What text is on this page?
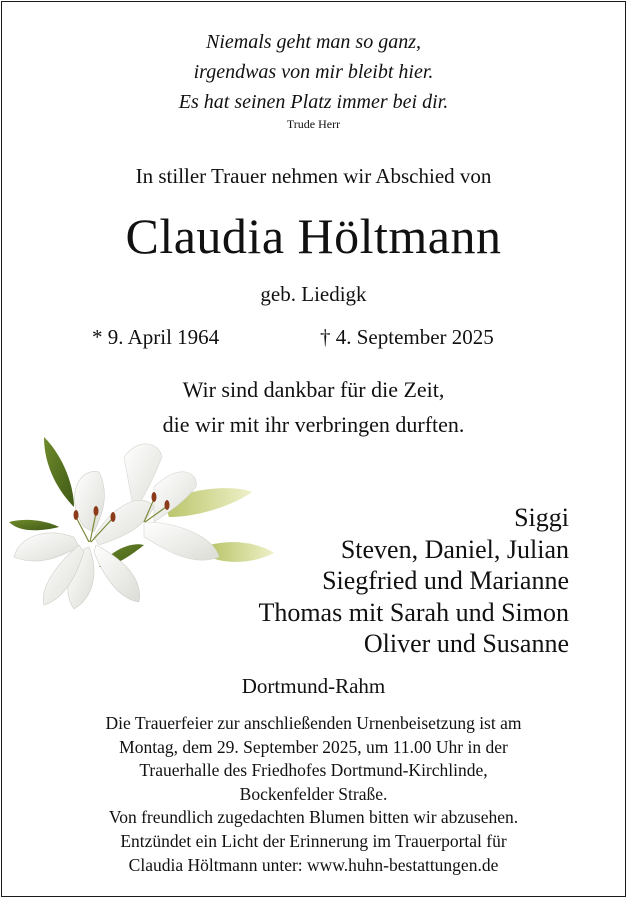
Niemals geht man so ganz,
irgendwas von mir bleibt hier.
Es hat seinen Platz immer bei dir.
Trude Herr
In stiller Trauer nehmen wir Abschied von
Claudia Höltmann
geb. Liedigk
* 9. April 1964	† 4. September 2025
Wir sind dankbar für die Zeit,
die wir mit ihr verbringen durften.
Siggi
Steven, Daniel, Julian
Siegfried und Marianne
Thomas mit Sarah und Simon
Oliver und Susanne
Dortmund-Rahm
Die Trauerfeier zur anschließenden Urnenbeisetzung ist am
Montag, dem 29. September 2025, um 11.00 Uhr in der
Trauerhalle des Friedhofes Dortmund-Kirchlinde,
Bockenfelder Straße.
Von freundlich zugedachten Blumen bitten wir abzusehen.
Entzündet ein Licht der Erinnerung im Trauerportal für
Claudia Höltmann unter: www.huhn-bestattungen.de
